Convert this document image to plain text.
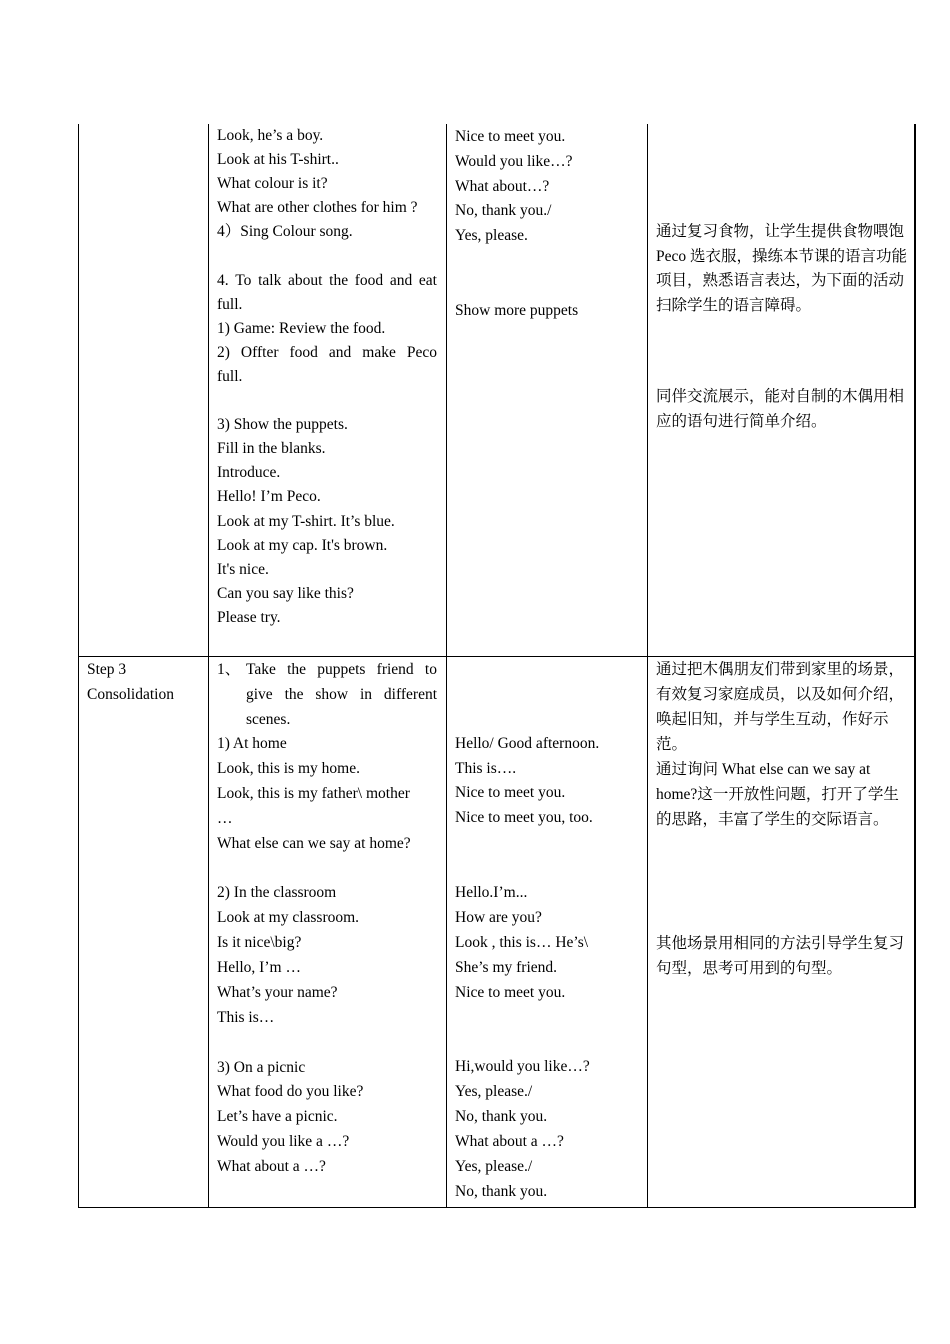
Look, he’s a boy.
Look at his T-shirt..
What colour is it?
What are other clothes for him ?
4）Sing Colour song.

4. To talk about the food and eat
full.
1) Game: Review the food.
2) Offter food and make Peco
full.

3) Show the puppets.
Fill in the blanks.
Introduce.
Hello! I’m Peco.
Look at my T-shirt. It’s blue.
Look at my cap. It's brown.
It's nice.
Can you say like this?
Please try.
Nice to meet you.
Would you like…?
What about…?
No, thank you./
Yes, please.

Show more puppets
通过复习食物，让学生提供食物喂饱 Peco 选衣服，操练本节课的语言功能项目，熟悉语言表达，为下面的活动扫除学生的语言障碍。
同伴交流展示，能对自制的木偶用相应的语句进行简单介绍。
Step 3
Consolidation
1、 Take the puppets friend to
give the show in different
scenes.
1) At home
Look, this is my home.
Look, this is my father\ mother
…
What else can we say at home?

2) In the classroom
Look at my classroom.
Is it nice\big?
Hello, I’m …
What’s your name?
This is…

3) On a picnic
What food do you like?
Let’s have a picnic.
Would you like a …?
What about a …?

Hello/ Good afternoon.
This is….
Nice to meet you.
Nice to meet you, too.

Hello.I’m...
How are you?
Look , this is… He’s\
She’s my friend.
Nice to meet you.

Hi,would you like…?
Yes, please./
No, thank you.
What about a …?
Yes, please./
No, thank you.
通过把木偶朋友们带到家里的场景，有效复习家庭成员，以及如何介绍，唤起旧知，并与学生互动，作好示范。
通过询问 What else can we say at home?这一开放性问题，打开了学生的思路，丰富了学生的交际语言。
其他场景用相同的方法引导学生复习句型，思考可用到的句型。
